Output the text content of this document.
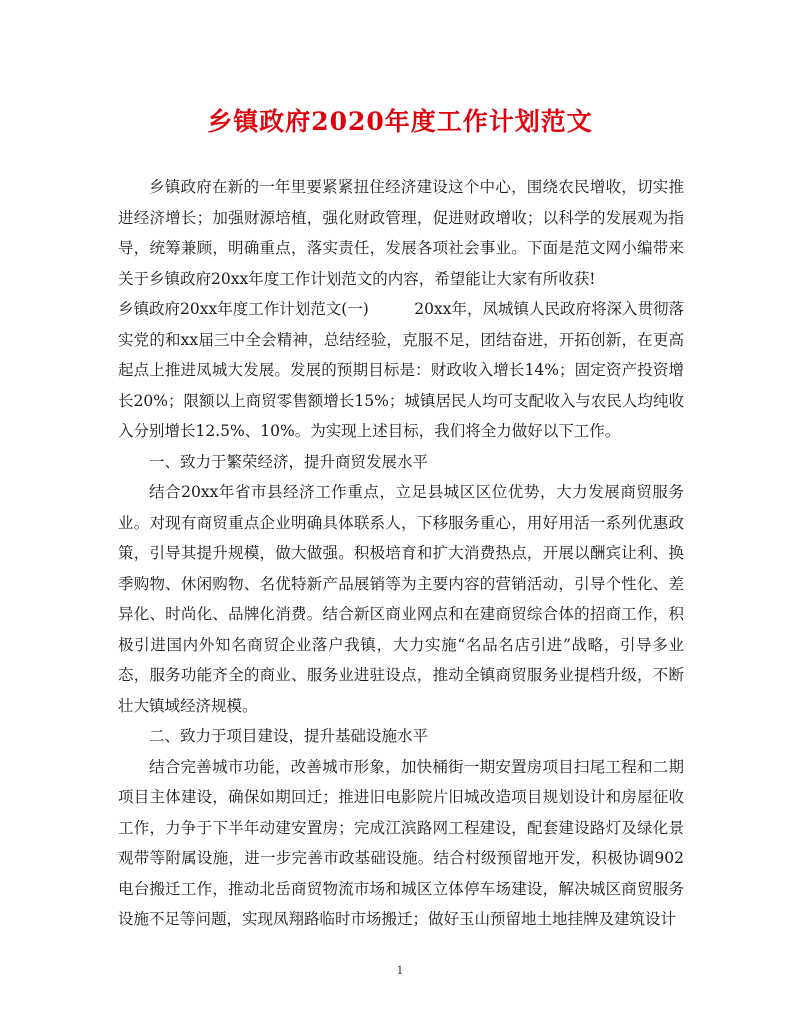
乡镇政府2020年度工作计划范文

乡镇政府在新的一年里要紧紧扭住经济建设这个中心，围绕农民增收，切实推进经济增长；加强财源培植，强化财政管理，促进财政增收；以科学的发展观为指导，统筹兼顾，明确重点，落实责任，发展各项社会事业。下面是范文网小编带来关于乡镇政府20xx年度工作计划范文的内容，希望能让大家有所收获!

乡镇政府20xx年度工作计划范文(一)	20xx年，凤城镇人民政府将深入贯彻落

实党的和xx届三中全会精神，总结经验，克服不足，团结奋进，开拓创新，在更高起点上推进凤城大发展。发展的预期目标是：财政收入增长14%；固定资产投资增长20%；限额以上商贸零售额增长15%；城镇居民人均可支配收入与农民人均纯收入分别增长12.5%、10%。为实现上述目标，我们将全力做好以下工作。

一、致力于繁荣经济，提升商贸发展水平

结合20xx年省市县经济工作重点，立足县城区区位优势，大力发展商贸服务业。对现有商贸重点企业明确具体联系人，下移服务重心，用好用活一系列优惠政策，引导其提升规模，做大做强。积极培育和扩大消费热点，开展以酬宾让利、换季购物、休闲购物、名优特新产品展销等为主要内容的营销活动，引导个性化、差异化、时尚化、品牌化消费。结合新区商业网点和在建商贸综合体的招商工作，积极引进国内外知名商贸企业落户我镇，大力实施“名品名店引进”战略，引导多业态，服务功能齐全的商业、服务业进驻设点，推动全镇商贸服务业提档升级，不断壮大镇域经济规模。

二、致力于项目建设，提升基础设施水平

结合完善城市功能，改善城市形象，加快桶街一期安置房项目扫尾工程和二期项目主体建设，确保如期回迁；推进旧电影院片旧城改造项目规划设计和房屋征收工作，力争于下半年动建安置房；完成江滨路网工程建设，配套建设路灯及绿化景观带等附属设施，进一步完善市政基础设施。结合村级预留地开发，积极协调902电台搬迁工作，推动北岳商贸物流市场和城区立体停车场建设，解决城区商贸服务设施不足等问题，实现凤翔路临时市场搬迁；做好玉山预留地土地挂牌及建筑设计

1
